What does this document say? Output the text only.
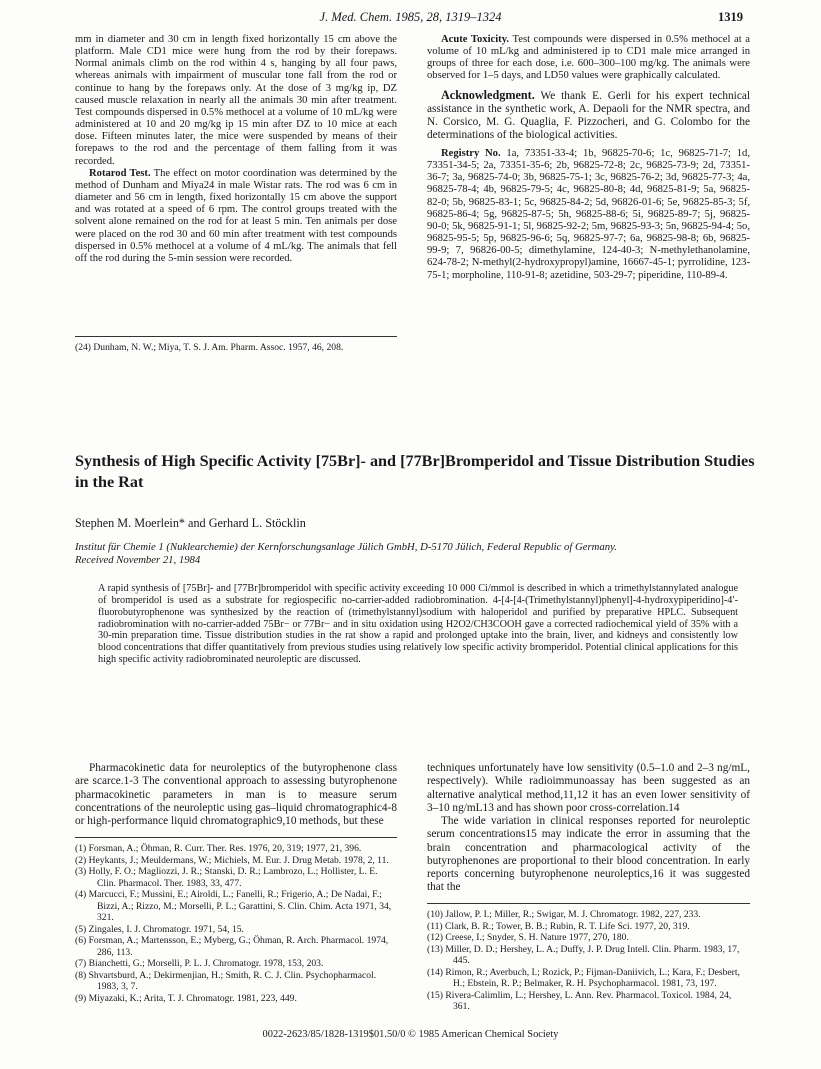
J. Med. Chem. 1985, 28, 1319–1324	1319

mm in diameter and 30 cm in length fixed horizontally 15 cm above the platform. Male CD1 mice were hung from the rod by their forepaws. Normal animals climb on the rod within 4 s, hanging by all four paws, whereas animals with impairment of muscular tone fall from the rod or continue to hang by the forepaws only. At the dose of 3 mg/kg ip, DZ caused muscle relaxation in nearly all the animals 30 min after treatment. Test compounds dispersed in 0.5% methocel at a volume of 10 mL/kg were administered at 10 and 20 mg/kg ip 15 min after DZ to 10 mice at each dose. Fifteen minutes later, the mice were suspended by means of their forepaws to the rod and the percentage of them falling from it was recorded.

Rotarod Test. The effect on motor coordination was determined by the method of Dunham and Miya24 in male Wistar rats. The rod was 6 cm in diameter and 56 cm in length, fixed horizontally 15 cm above the support and was rotated at a speed of 6 rpm. The control groups treated with the solvent alone remained on the rod for at least 5 min. Ten animals per dose were placed on the rod 30 and 60 min after treatment with test compounds dispersed in 0.5% methocel at a volume of 4 mL/kg. The animals that fell off the rod during the 5-min session were recorded.

(24) Dunham, N. W.; Miya, T. S. J. Am. Pharm. Assoc. 1957, 46, 208.

Acute Toxicity. Test compounds were dispersed in 0.5% methocel at a volume of 10 mL/kg and administered ip to CD1 male mice arranged in groups of three for each dose, i.e. 600–300–100 mg/kg. The animals were observed for 1–5 days, and LD50 values were graphically calculated.

Acknowledgment. We thank E. Gerli for his expert technical assistance in the synthetic work, A. Depaoli for the NMR spectra, and N. Corsico, M. G. Quaglia, F. Pizzocheri, and G. Colombo for the determinations of the biological activities.

Registry No. 1a, 73351-33-4; 1b, 96825-70-6; 1c, 96825-71-7; 1d, 73351-34-5; 2a, 73351-35-6; 2b, 96825-72-8; 2c, 96825-73-9; 2d, 73351-36-7; 3a, 96825-74-0; 3b, 96825-75-1; 3c, 96825-76-2; 3d, 96825-77-3; 4a, 96825-78-4; 4b, 96825-79-5; 4c, 96825-80-8; 4d, 96825-81-9; 5a, 96825-82-0; 5b, 96825-83-1; 5c, 96825-84-2; 5d, 96826-01-6; 5e, 96825-85-3; 5f, 96825-86-4; 5g, 96825-87-5; 5h, 96825-88-6; 5i, 96825-89-7; 5j, 96825-90-0; 5k, 96825-91-1; 5l, 96825-92-2; 5m, 96825-93-3; 5n, 96825-94-4; 5o, 96825-95-5; 5p, 96825-96-6; 5q, 96825-97-7; 6a, 96825-98-8; 6b, 96825-99-9; 7, 96826-00-5; dimethylamine, 124-40-3; N-methylethanolamine, 624-78-2; N-methyl(2-hydroxypropyl)amine, 16667-45-1; pyrrolidine, 123-75-1; morpholine, 110-91-8; azetidine, 503-29-7; piperidine, 110-89-4.

Synthesis of High Specific Activity [75Br]- and [77Br]Bromperidol and Tissue Distribution Studies in the Rat
Stephen M. Moerlein* and Gerhard L. Stöcklin
Institut für Chemie 1 (Nuklearchemie) der Kernforschungsanlage Jülich GmbH, D-5170 Jülich, Federal Republic of Germany.
Received November 21, 1984
A rapid synthesis of [75Br]- and [77Br]bromperidol with specific activity exceeding 10 000 Ci/mmol is described in which a trimethylstannylated analogue of bromperidol is used as a substrate for regiospecific no-carrier-added radiobromination. 4-[4-[4-(Trimethylstannyl)phenyl]-4-hydroxypiperidino]-4′-fluorobutyrophenone was synthesized by the reaction of (trimethylstannyl)sodium with haloperidol and purified by preparative HPLC. Subsequent radiobromination with no-carrier-added 75Br− or 77Br− and in situ oxidation using H2O2/CH3COOH gave a corrected radiochemical yield of 35% with a 30-min preparation time. Tissue distribution studies in the rat show a rapid and prolonged uptake into the brain, liver, and kidneys and consistently low blood concentrations that differ quantitatively from previous studies using relatively low specific activity bromperidol. Potential clinical applications for this high specific activity radiobrominated neuroleptic are discussed.

Pharmacokinetic data for neuroleptics of the butyrophenone class are scarce.1-3 The conventional approach to assessing butyrophenone pharmacokinetic parameters in man is to measure serum concentrations of the neuroleptic using gas–liquid chromatographic4-8 or high-performance liquid chromatographic9,10 methods, but these

(1) Forsman, A.; Öhman, R. Curr. Ther. Res. 1976, 20, 319; 1977, 21, 396.

(2) Heykants, J.; Meuldermans, W.; Michiels, M. Eur. J. Drug Metab. 1978, 2, 11.

(3) Holly, F. O.; Magliozzi, J. R.; Stanski, D. R.; Lambrozo, L.; Hollister, L. E. Clin. Pharmacol. Ther. 1983, 33, 477.

(4) Marcucci, F.; Mussini, E.; Airoldi, L.; Fanelli, R.; Frigerio, A.; De Nadai, F.; Bizzi, A.; Rizzo, M.; Morselli, P. L.; Garattini, S. Clin. Chim. Acta 1971, 34, 321.

(5) Zingales, I. J. Chromatogr. 1971, 54, 15.

(6) Forsman, A.; Martensson, E.; Myberg, G.; Öhman, R. Arch. Pharmacol. 1974, 286, 113.

(7) Bianchetti, G.; Morselli, P. L. J. Chromatogr. 1978, 153, 203.

(8) Shvartsburd, A.; Dekirmenjian, H.; Smith, R. C. J. Clin. Psychopharmacol. 1983, 3, 7.

(9) Miyazaki, K.; Arita, T. J. Chromatogr. 1981, 223, 449.

techniques unfortunately have low sensitivity (0.5–1.0 and 2–3 ng/mL, respectively). While radioimmunoassay has been suggested as an alternative analytical method,11,12 it has an even lower sensitivity of 3–10 ng/mL13 and has shown poor cross-correlation.14

The wide variation in clinical responses reported for neuroleptic serum concentrations15 may indicate the error in assuming that the brain concentration and pharmacological activity of the butyrophenones are proportional to their blood concentration. In early reports concerning butyrophenone neuroleptics,16 it was suggested that the

(10) Jallow, P. I.; Miller, R.; Swigar, M. J. Chromatogr. 1982, 227, 233.

(11) Clark, B. R.; Tower, B. B.; Rubin, R. T. Life Sci. 1977, 20, 319.

(12) Creese, I.; Snyder, S. H. Nature 1977, 270, 180.

(13) Miller, D. D.; Hershey, L. A.; Duffy, J. P. Drug Intell. Clin. Pharm. 1983, 17, 445.

(14) Rimon, R.; Averbuch, I.; Rozick, P.; Fijman-Daniivich, L.; Kara, F.; Desbert, H.; Ebstein, R. P.; Belmaker, R. H. Psychopharmacol. 1981, 73, 197.

(15) Rivera-Calimlim, L.; Hershey, L. Ann. Rev. Pharmacol. Toxicol. 1984, 24, 361.

0022-2623/85/1828-1319$01.50/0 © 1985 American Chemical Society
